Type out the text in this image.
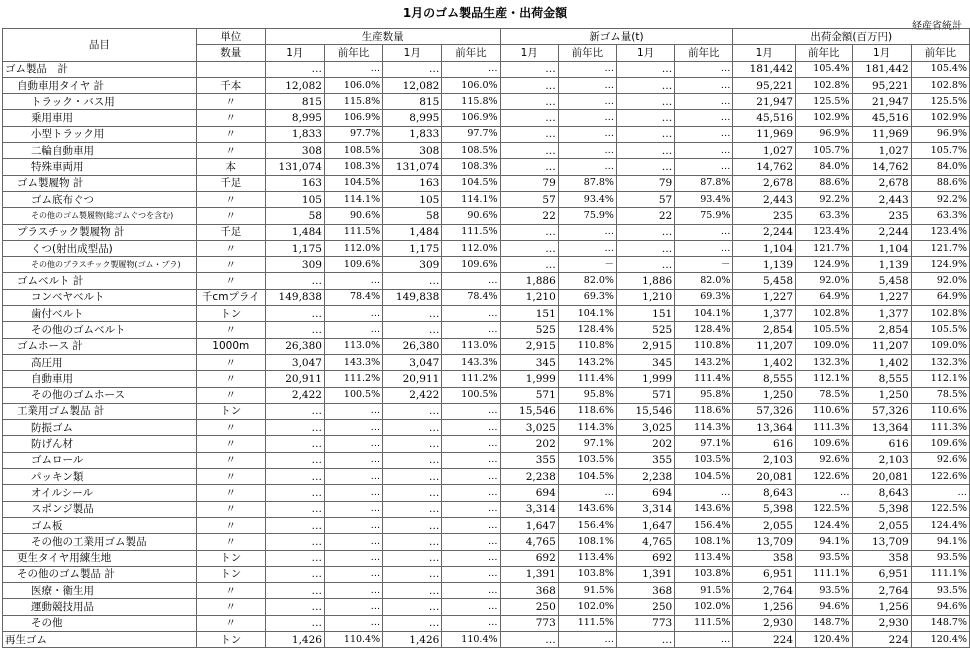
1月のゴム製品生産・出荷金額
経産省統計
品目	単位	生産数量				新ゴム量(t)				出荷金額(百万円)			
	数量	1月	前年比	1月	前年比	1月	前年比	1月	前年比	1月	前年比	1月	前年比
ゴム製品　計		…	…	…	…	…	…	…	…	181,442	105.4%	181,442	105.4%
自動車用タイヤ 計	千本	12,082	106.0%	12,082	106.0%	…	…	…	…	95,221	102.8%	95,221	102.8%
トラック・バス用	〃	815	115.8%	815	115.8%	…	…	…	…	21,947	125.5%	21,947	125.5%
乗用車用	〃	8,995	106.9%	8,995	106.9%	…	…	…	…	45,516	102.9%	45,516	102.9%
小型トラック用	〃	1,833	97.7%	1,833	97.7%	…	…	…	…	11,969	96.9%	11,969	96.9%
二輪自動車用	〃	308	108.5%	308	108.5%	…	…	…	…	1,027	105.7%	1,027	105.7%
特殊車両用	本	131,074	108.3%	131,074	108.3%	…	…	…	…	14,762	84.0%	14,762	84.0%
ゴム製履物 計	千足	163	104.5%	163	104.5%	79	87.8%	79	87.8%	2,678	88.6%	2,678	88.6%
ゴム底布ぐつ	〃	105	114.1%	105	114.1%	57	93.4%	57	93.4%	2,443	92.2%	2,443	92.2%
その他のゴム製履物(総ゴムぐつを含む)	〃	58	90.6%	58	90.6%	22	75.9%	22	75.9%	235	63.3%	235	63.3%
プラスチック製履物 計	千足	1,484	111.5%	1,484	111.5%	…	…	…	…	2,244	123.4%	2,244	123.4%
くつ(射出成型品)	〃	1,175	112.0%	1,175	112.0%	…	…	…	…	1,104	121.7%	1,104	121.7%
その他のプラスチック製履物(ゴム・プラ)	〃	309	109.6%	309	109.6%	…	－	…	－	1,139	124.9%	1,139	124.9%
ゴムベルト 計	〃	…	…	…	…	1,886	82.0%	1,886	82.0%	5,458	92.0%	5,458	92.0%
コンベヤベルト	千cmプライ	149,838	78.4%	149,838	78.4%	1,210	69.3%	1,210	69.3%	1,227	64.9%	1,227	64.9%
歯付ベルト	トン	…	…	…	…	151	104.1%	151	104.1%	1,377	102.8%	1,377	102.8%
その他のゴムベルト	〃	…	…	…	…	525	128.4%	525	128.4%	2,854	105.5%	2,854	105.5%
ゴムホース 計	1000m	26,380	113.0%	26,380	113.0%	2,915	110.8%	2,915	110.8%	11,207	109.0%	11,207	109.0%
高圧用	〃	3,047	143.3%	3,047	143.3%	345	143.2%	345	143.2%	1,402	132.3%	1,402	132.3%
自動車用	〃	20,911	111.2%	20,911	111.2%	1,999	111.4%	1,999	111.4%	8,555	112.1%	8,555	112.1%
その他のゴムホース	〃	2,422	100.5%	2,422	100.5%	571	95.8%	571	95.8%	1,250	78.5%	1,250	78.5%
工業用ゴム製品 計	トン	…	…	…	…	15,546	118.6%	15,546	118.6%	57,326	110.6%	57,326	110.6%
防振ゴム	〃	…	…	…	…	3,025	114.3%	3,025	114.3%	13,364	111.3%	13,364	111.3%
防げん材	〃	…	…	…	…	202	97.1%	202	97.1%	616	109.6%	616	109.6%
ゴムロール	〃	…	…	…	…	355	103.5%	355	103.5%	2,103	92.6%	2,103	92.6%
パッキン類	〃	…	…	…	…	2,238	104.5%	2,238	104.5%	20,081	122.6%	20,081	122.6%
オイルシール	〃	…	…	…	…	694	…	694	…	8,643	…	8,643	…
スポンジ製品	〃	…	…	…	…	3,314	143.6%	3,314	143.6%	5,398	122.5%	5,398	122.5%
ゴム板	〃	…	…	…	…	1,647	156.4%	1,647	156.4%	2,055	124.4%	2,055	124.4%
その他の工業用ゴム製品	〃	…	…	…	…	4,765	108.1%	4,765	108.1%	13,709	94.1%	13,709	94.1%
更生タイヤ用練生地	トン	…	…	…	…	692	113.4%	692	113.4%	358	93.5%	358	93.5%
その他のゴム製品 計	トン	…	…	…	…	1,391	103.8%	1,391	103.8%	6,951	111.1%	6,951	111.1%
医療・衛生用	〃	…	…	…	…	368	91.5%	368	91.5%	2,764	93.5%	2,764	93.5%
運動競技用品	〃	…	…	…	…	250	102.0%	250	102.0%	1,256	94.6%	1,256	94.6%
その他	〃	…	…	…	…	773	111.5%	773	111.5%	2,930	148.7%	2,930	148.7%
再生ゴム	トン	1,426	110.4%	1,426	110.4%	…	…	…	…	224	120.4%	224	120.4%
